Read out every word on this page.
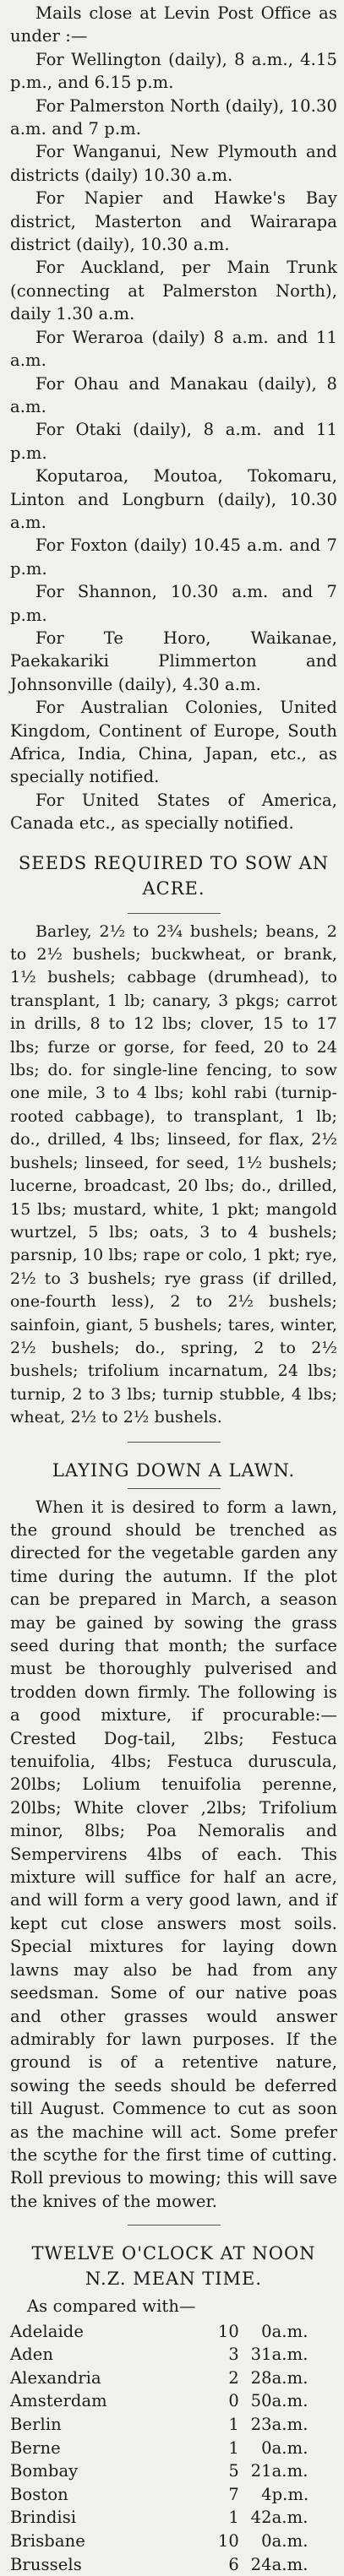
Mails close at Levin Post Office as under :—

For Wellington (daily), 8 a.m., 4.15 p.m., and 6.15 p.m.

For Palmerston North (daily), 10.30 a.m. and 7 p.m.

For Wanganui, New Plymouth and districts (daily) 10.30 a.m.

For Napier and Hawke's Bay district, Masterton and Wairarapa district (daily), 10.30 a.m.

For Auckland, per Main Trunk (connecting at Palmerston North), daily 1.30 a.m.

For Weraroa (daily) 8 a.m. and 11 a.m.

For Ohau and Manakau (daily), 8 a.m.

For Otaki (daily), 8 a.m. and 11 p.m.

Koputaroa, Moutoa, Tokomaru, Linton and Longburn (daily), 10.30 a.m.

For Foxton (daily) 10.45 a.m. and 7 p.m.

For Shannon, 10.30 a.m. and 7 p.m.

For Te Horo, Waikanae, Paekakariki Plimmerton and Johnsonville (daily), 4.30 a.m.

For Australian Colonies, United Kingdom, Continent of Europe, South Africa, India, China, Japan, etc., as specially notified.

For United States of America, Canada etc., as specially notified.

SEEDS REQUIRED TO SOW AN ACRE.

Barley, 2½ to 2¾ bushels; beans, 2 to 2½ bushels; buckwheat, or brank, 1½ bushels; cabbage (drumhead), to transplant, 1 lb; canary, 3 pkgs; carrot in drills, 8 to 12 lbs; clover, 15 to 17 lbs; furze or gorse, for feed, 20 to 24 lbs; do. for single-line fencing, to sow one mile, 3 to 4 lbs; kohl rabi (turnip-rooted cabbage), to transplant, 1 lb; do., drilled, 4 lbs; linseed, for flax, 2½ bushels; linseed, for seed, 1½ bushels; lucerne, broadcast, 20 lbs; do., drilled, 15 lbs; mustard, white, 1 pkt; mangold wurtzel, 5 lbs; oats, 3 to 4 bushels; parsnip, 10 lbs; rape or colo, 1 pkt; rye, 2½ to 3 bushels; rye grass (if drilled, one-fourth less), 2 to 2½ bushels; sainfoin, giant, 5 bushels; tares, winter, 2½ bushels; do., spring, 2 to 2½ bushels; trifolium incarnatum, 24 lbs; turnip, 2 to 3 lbs; turnip stubble, 4 lbs; wheat, 2½ to 2½ bushels.

LAYING DOWN A LAWN.

When it is desired to form a lawn, the ground should be trenched as directed for the vegetable garden any time during the autumn. If the plot can be prepared in March, a season may be gained by sowing the grass seed during that month; the surface must be thoroughly pulverised and trodden down firmly. The following is a good mixture, if procurable:—Crested Dog-tail, 2lbs; Festuca tenuifolia, 4lbs; Festuca duruscula, 20lbs; Lolium tenuifolia perenne, 20lbs; White clover ,2lbs; Trifolium minor, 8lbs; Poa Nemoralis and Sempervirens 4lbs of each. This mixture will suffice for half an acre, and will form a very good lawn, and if kept cut close answers most soils. Special mixtures for laying down lawns may also be had from any seedsman. Some of our native poas and other grasses would answer admirably for lawn purposes. If the ground is of a retentive nature, sowing the seeds should be deferred till August. Commence to cut as soon as the machine will act. Some prefer the scythe for the first time of cutting. Roll previous to mowing; this will save the knives of the mower.

TWELVE O'CLOCK AT NOON N.Z. MEAN TIME.
As compared with—
Adelaide	10	0	a.m.
Aden	3	31	a.m.
Alexandria	2	28	a.m.
Amsterdam	0	50	a.m.
Berlin	1	23	a.m.
Berne	1	0	a.m.
Bombay	5	21	a.m.
Boston	7	4	p.m.
Brindisi	1	42	a.m.
Brisbane	10	0	a.m.
Brussels	6	24	a.m.
